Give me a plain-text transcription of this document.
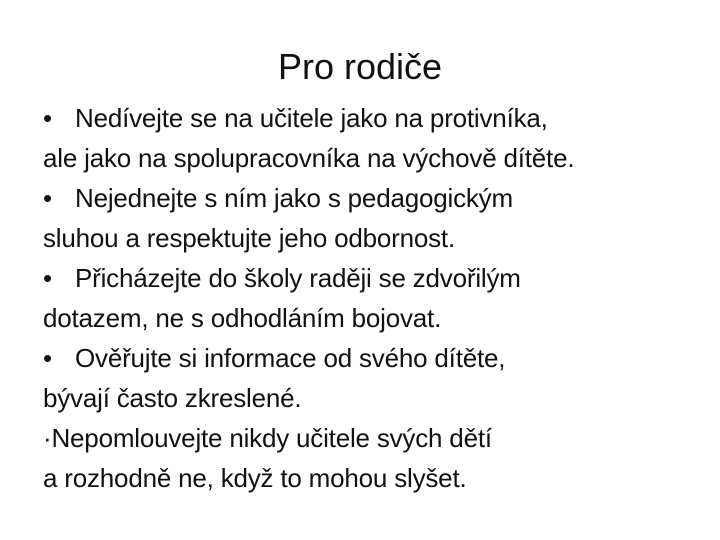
Pro rodiče

• Nedívejte se na učitele jako na protivníka,

ale jako na spolupracovníka na výchově dítěte.

• Nejednejte s ním jako s pedagogickým

sluhou a respektujte jeho odbornost.

• Přicházejte do školy raději se zdvořilým

dotazem, ne s odhodláním bojovat.

• Ověřujte si informace od svého dítěte,

bývají často zkreslené.

·Nepomlouvejte nikdy učitele svých dětí

a rozhodně ne, když to mohou slyšet.
